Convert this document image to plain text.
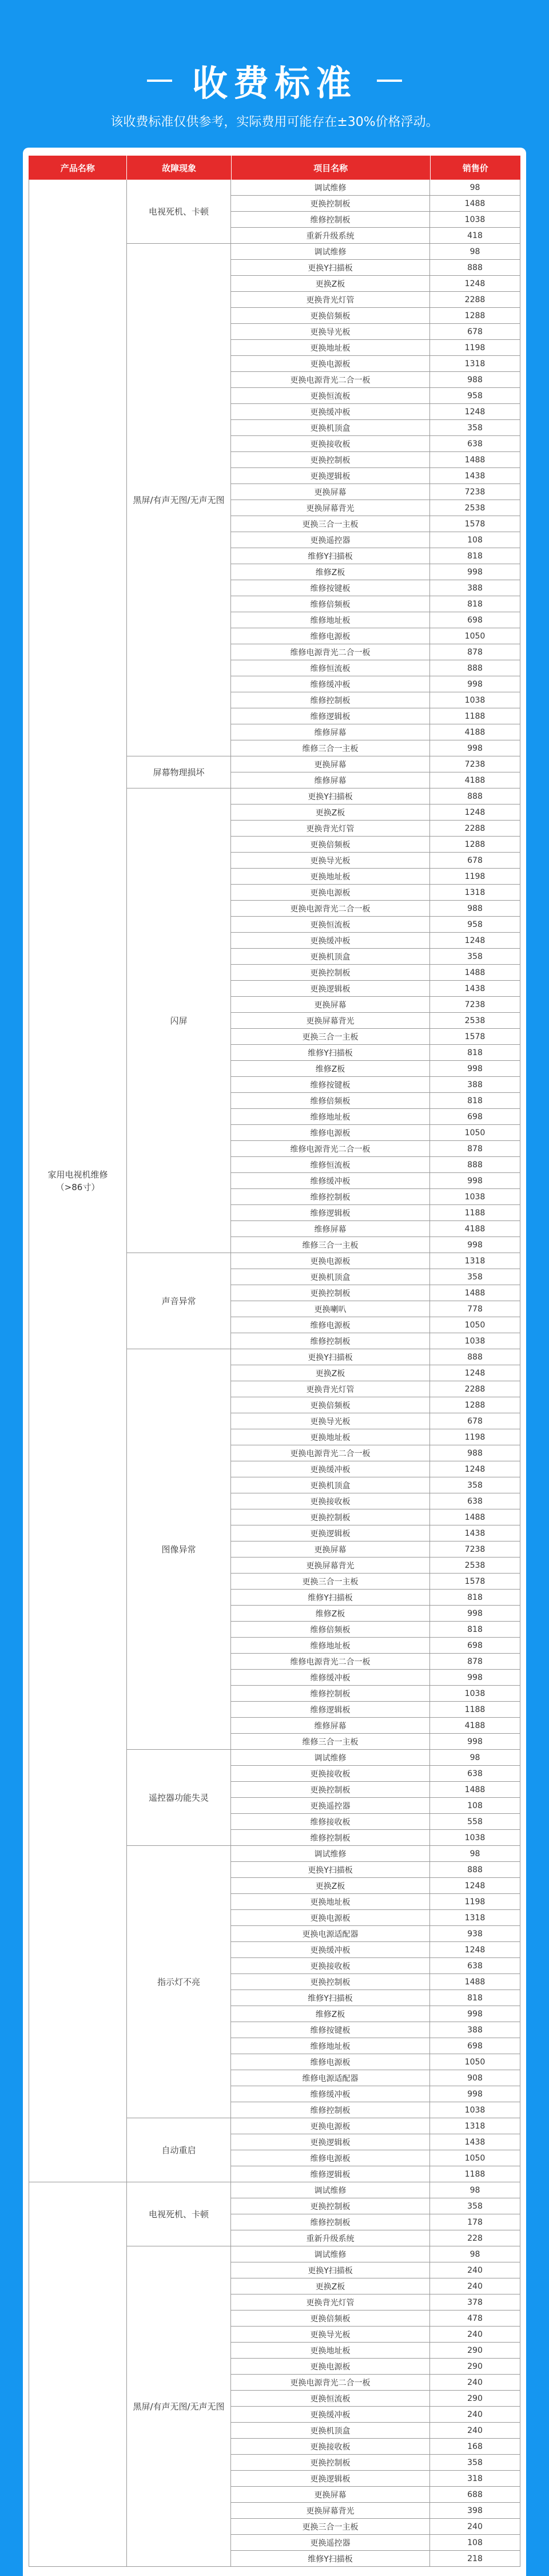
收费标准
该收费标准仅供参考，实际费用可能存在±30%价格浮动。
产品名称	故障现象	项目名称	销售价
家用电视机维修（>86寸）
电视死机、卡顿
调试维修	98
更换控制板	1488
维修控制板	1038
重新升级系统	418
黑屏/有声无图/无声无图
调试维修	98
更换Y扫描板	888
更换Z板	1248
更换背光灯管	2288
更换倍频板	1288
更换导光板	678
更换地址板	1198
更换电源板	1318
更换电源背光二合一板	988
更换恒流板	958
更换缓冲板	1248
更换机顶盒	358
更换接收板	638
更换控制板	1488
更换逻辑板	1438
更换屏幕	7238
更换屏幕背光	2538
更换三合一主板	1578
更换遥控器	108
维修Y扫描板	818
维修Z板	998
维修按键板	388
维修倍频板	818
维修地址板	698
维修电源板	1050
维修电源背光二合一板	878
维修恒流板	888
维修缓冲板	998
维修控制板	1038
维修逻辑板	1188
维修屏幕	4188
维修三合一主板	998
屏幕物理损坏
更换屏幕	7238
维修屏幕	4188
闪屏
更换Y扫描板	888
更换Z板	1248
更换背光灯管	2288
更换倍频板	1288
更换导光板	678
更换地址板	1198
更换电源板	1318
更换电源背光二合一板	988
更换恒流板	958
更换缓冲板	1248
更换机顶盒	358
更换控制板	1488
更换逻辑板	1438
更换屏幕	7238
更换屏幕背光	2538
更换三合一主板	1578
维修Y扫描板	818
维修Z板	998
维修按键板	388
维修倍频板	818
维修地址板	698
维修电源板	1050
维修电源背光二合一板	878
维修恒流板	888
维修缓冲板	998
维修控制板	1038
维修逻辑板	1188
维修屏幕	4188
维修三合一主板	998
声音异常
更换电源板	1318
更换机顶盒	358
更换控制板	1488
更换喇叭	778
维修电源板	1050
维修控制板	1038
图像异常
更换Y扫描板	888
更换Z板	1248
更换背光灯管	2288
更换倍频板	1288
更换导光板	678
更换地址板	1198
更换电源背光二合一板	988
更换缓冲板	1248
更换机顶盒	358
更换接收板	638
更换控制板	1488
更换逻辑板	1438
更换屏幕	7238
更换屏幕背光	2538
更换三合一主板	1578
维修Y扫描板	818
维修Z板	998
维修倍频板	818
维修地址板	698
维修电源背光二合一板	878
维修缓冲板	998
维修控制板	1038
维修逻辑板	1188
维修屏幕	4188
维修三合一主板	998
遥控器功能失灵
调试维修	98
更换接收板	638
更换控制板	1488
更换遥控器	108
维修接收板	558
维修控制板	1038
指示灯不亮
调试维修	98
更换Y扫描板	888
更换Z板	1248
更换地址板	1198
更换电源板	1318
更换电源适配器	938
更换缓冲板	1248
更换接收板	638
更换控制板	1488
维修Y扫描板	818
维修Z板	998
维修按键板	388
维修地址板	698
维修电源板	1050
维修电源适配器	908
维修缓冲板	998
维修控制板	1038
自动重启
更换电源板	1318
更换逻辑板	1438
维修电源板	1050
维修逻辑板	1188
电视死机、卡顿
调试维修	98
更换控制板	358
维修控制板	178
重新升级系统	228
黑屏/有声无图/无声无图
调试维修	98
更换Y扫描板	240
更换Z板	240
更换背光灯管	378
更换倍频板	478
更换导光板	240
更换地址板	290
更换电源板	290
更换电源背光二合一板	240
更换恒流板	290
更换缓冲板	240
更换机顶盒	240
更换接收板	168
更换控制板	358
更换逻辑板	318
更换屏幕	688
更换屏幕背光	398
更换三合一主板	240
更换遥控器	108
维修Y扫描板	218
